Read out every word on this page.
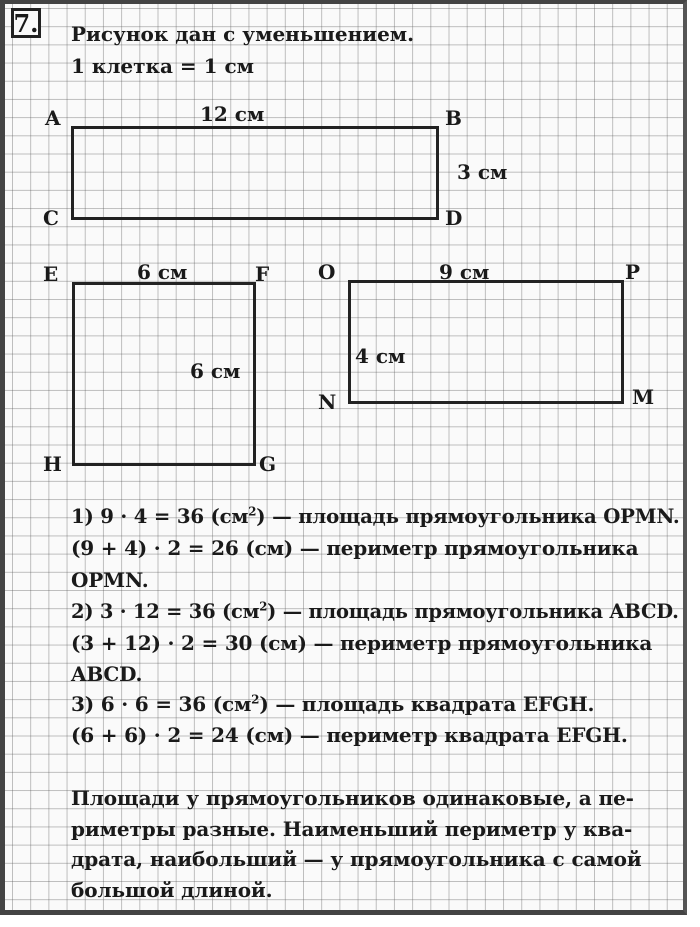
7. Рисунок дан с уменьшением.
1 клетка = 1 см
A	B
C	D
12 см
3 см
E	F
G
H
6 см
6 см
O	P
M
N
9 см
4 см
1) 9 · 4 = 36 $(см^2)$ — площадь прямоугольника OPMN.
(9 + 4) · 2 = 26 (см) — периметр прямоугольника
OPMN.
2) 3 · 12 = 36 $(см^2)$ — площадь прямоугольника ABCD.
(3 + 12) · 2 = 30 (см) — периметр прямоугольника
ABCD.
3) 6 · 6 = 36 $(см^2)$ — площадь квадрата EFGH.
(6 + 6) · 2 = 24 (см) — периметр квадрата EFGH.
Площади у прямоугольников одинаковые, а пе-
риметры разные. Наименьший периметр у ква-
драта, наибольший — у прямоугольника с самой
большой длиной.
